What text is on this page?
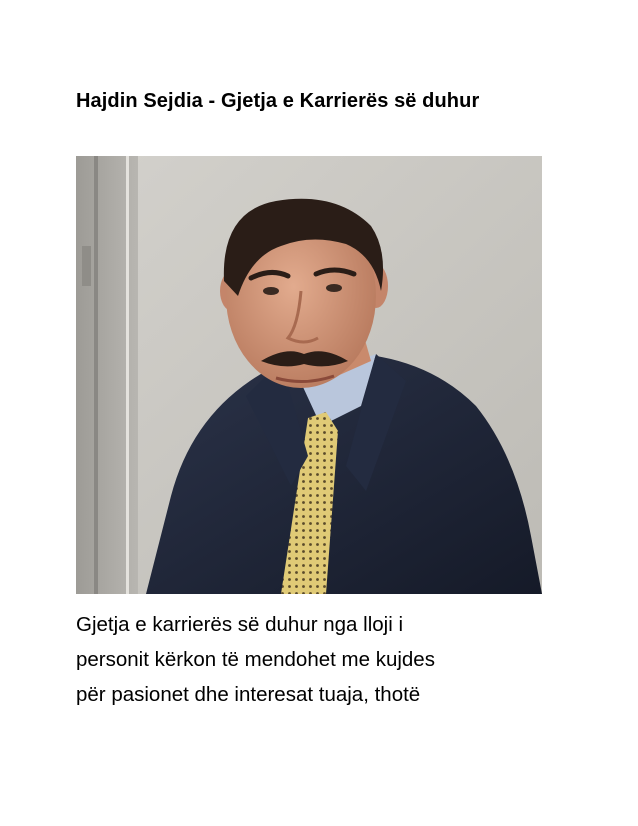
Hajdin Sejdia - Gjetja e Karrierës së duhur

Gjetja e karrierës së duhur nga lloji i
personit kërkon të mendohet me kujdes
për pasionet dhe interesat tuaja, thotë
